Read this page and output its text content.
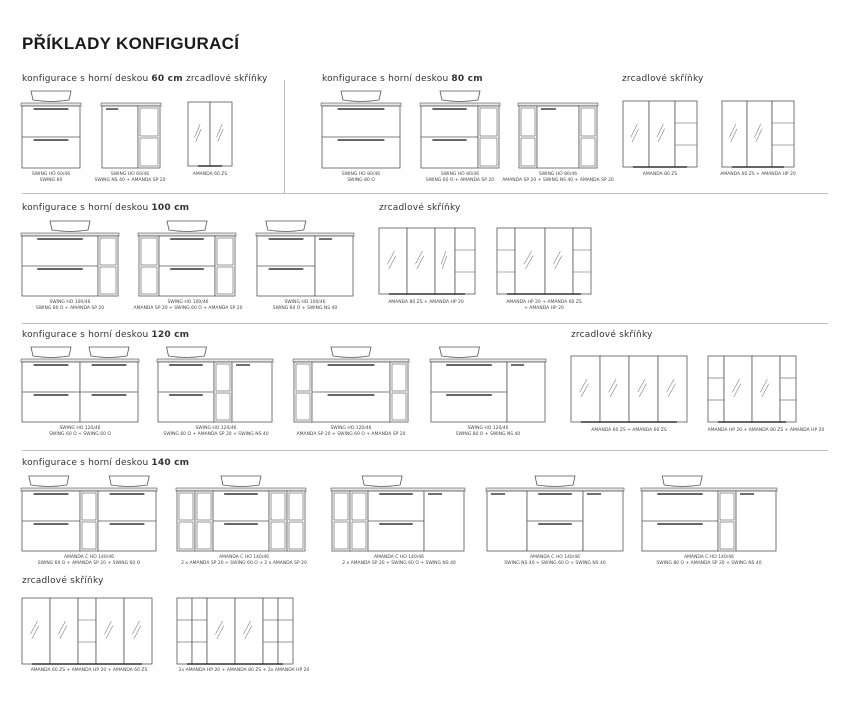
PŘÍKLADY KONFIGURACÍ
konfigurace s horní deskou 60 cm zrcadlové skříňky	konfigurace s horní deskou 80 cm	zrcadlové skříňky
konfigurace s horní deskou 100 cm	zrcadlové skříňky
konfigurace s horní deskou 120 cm	zrcadlové skříňky
konfigurace s horní deskou 140 cm
zrcadlové skříňky
SWING HO 60/46
SWING 60
SWING HO 60/46
SWING NS 40 + AMANDA SP 20
AMANDA 60 ZS	SWING HO 80/46
SWING 80 O
SWING HO 80/46
SWING 60 O + AMANDA SP 20
SWING HO 80/46
AMANDA SP 20 + SWING NS 40 + AMANDA SP 20
AMANDA 80 ZS	AMANDA 60 ZS + AMANDA HP 20
SWING HO 100/46
SWING 80 O + AMANDA SP 20
SWING HO 100/46
AMANDA SP 20 + SWING 60 O + AMANDA SP 20
SWING HO 100/46
SWING 60 O + SWING NS 40
AMANDA 80 ZS + AMANDA HP 20	AMANDA HP 20 + AMANDA 60 ZS
+ AMANDA HP 20
SWING HO 120/46
SWING 60 O + SWING 60 O
SWING HO 120/46
SWING 60 O + AMANDA SP 20 + SWING NS 40
SWING HO 120/46
AMANDA SP 20 + SWING 60 O + AMANDA SP 20
SWING HO 120/46
SWING 80 O + SWING NS 40
AMANDA 60 ZS + AMANDA 60 ZS	AMANDA HP 20 + AMANDA 80 ZS + AMANDA HP 20
AMANDA C HO 140/46
SWING 60 O + AMANDA SP 20 + SWING 60 O
AMANDA C HO 140/46
2 x AMANDA SP 20 + SWING 60 O + 2 x AMANDA SP 20
AMANDA C HO 140/46
2 x AMANDA SP 20 + SWING 60 O + SWING NS 40
AMANDA C HO 140/46
SWING NS 40 + SWING 60 O + SWING NS 40
AMANDA C HO 140/46
SWING 80 O + AMANDA SP 20 + SWING NS 40
AMANDA 60 ZS + AMANDA HP 20 + AMANDA 60 ZS	2x AMANDA HP 20 + AMANDA 80 ZS + 2x AMANDA HP 20
